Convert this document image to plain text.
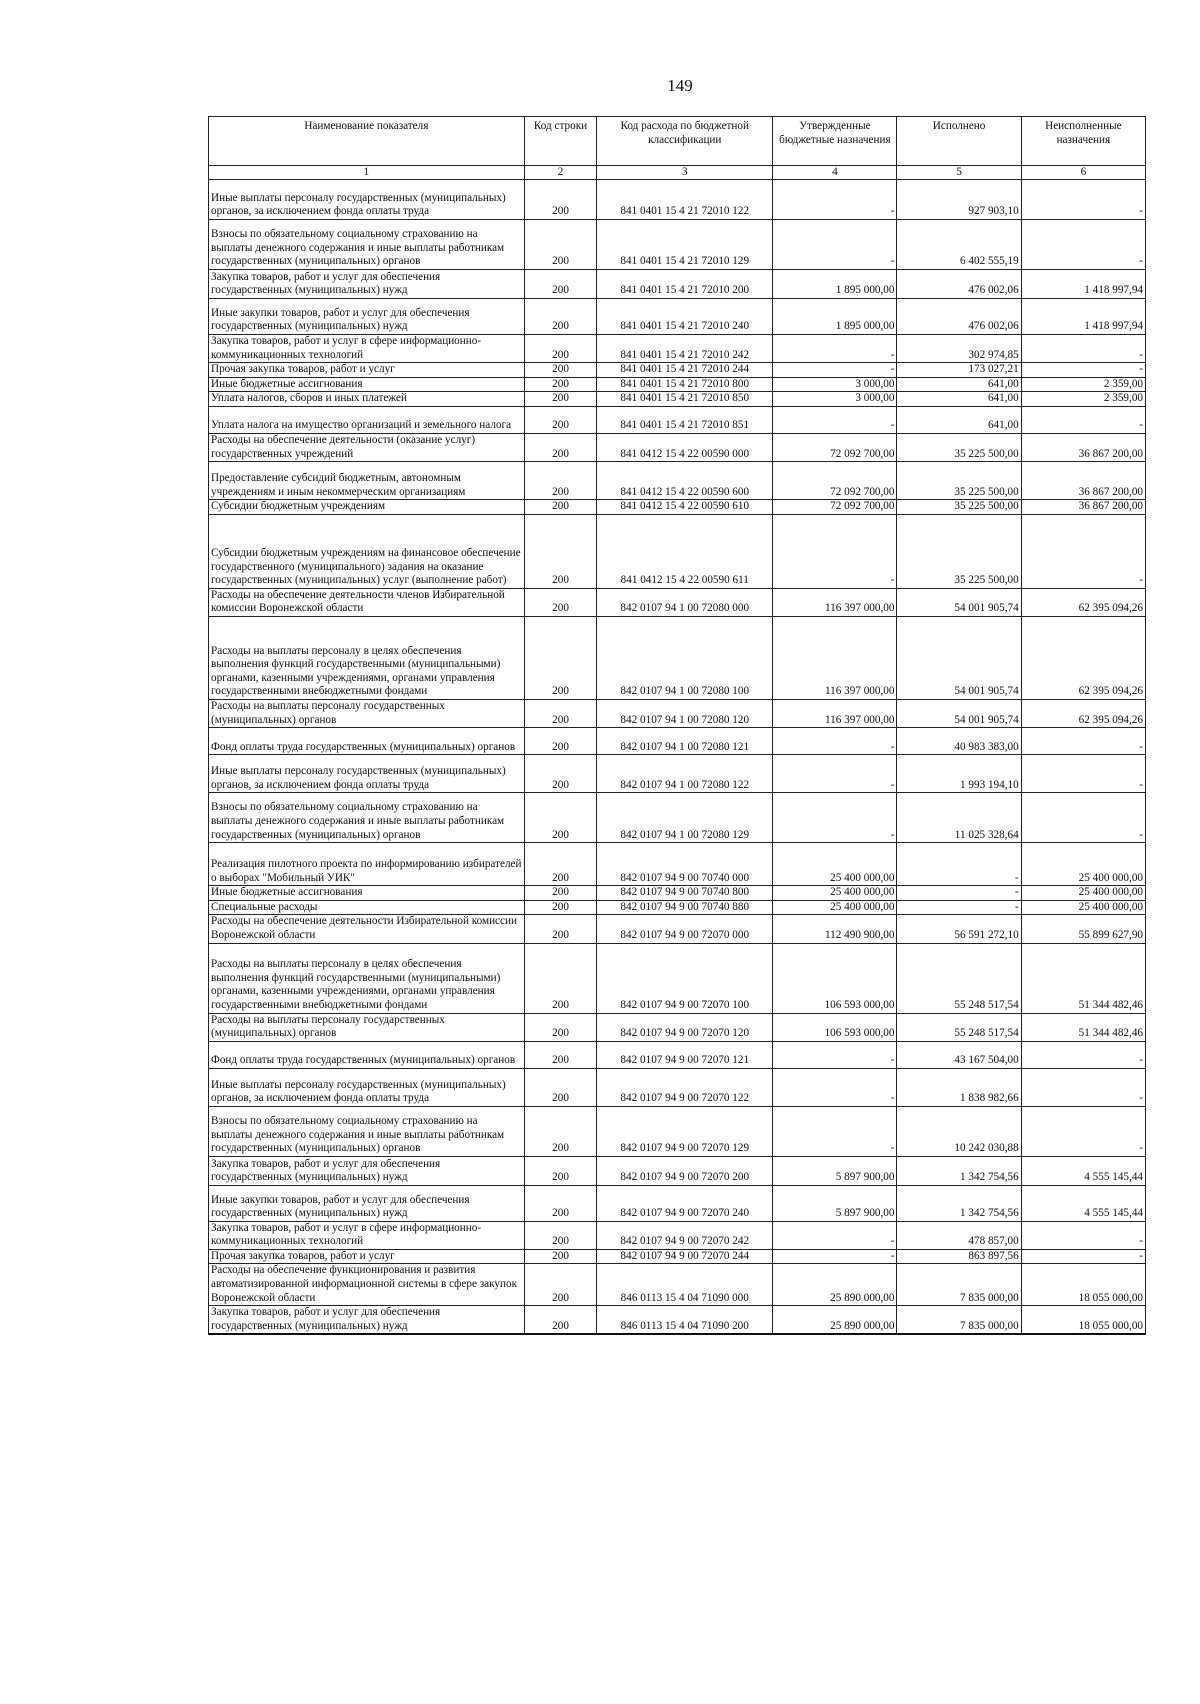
149
Наименование показателя	Код строки	Код расхода по бюджетной классификации	Утвержденные бюджетные назначения	Исполнено	Неисполненные назначения
1	2	3	4	5	6
Иные выплаты персоналу государственных (муниципальных) органов, за исключением фонда оплаты труда	200	841 0401 15 4 21 72010 122	-	927 903,10	-
Взносы по обязательному социальному страхованию на выплаты денежного содержания и иные выплаты работникам государственных (муниципальных) органов	200	841 0401 15 4 21 72010 129	-	6 402 555,19	-
Закупка товаров, работ и услуг для обеспечения государственных (муниципальных) нужд	200	841 0401 15 4 21 72010 200	1 895 000,00	476 002,06	1 418 997,94
Иные закупки товаров, работ и услуг для обеспечения государственных (муниципальных) нужд	200	841 0401 15 4 21 72010 240	1 895 000,00	476 002,06	1 418 997,94
Закупка товаров, работ и услуг в сфере информационно-коммуникационных технологий	200	841 0401 15 4 21 72010 242	-	302 974,85	-
Прочая закупка товаров, работ и услуг	200	841 0401 15 4 21 72010 244	-	173 027,21	-
Иные бюджетные ассигнования	200	841 0401 15 4 21 72010 800	3 000,00	641,00	2 359,00
Уплата налогов, сборов и иных платежей	200	841 0401 15 4 21 72010 850	3 000,00	641,00	2 359,00
Уплата налога на имущество организаций и земельного налога	200	841 0401 15 4 21 72010 851	-	641,00	-
Расходы на обеспечение деятельности (оказание услуг) государственных учреждений	200	841 0412 15 4 22 00590 000	72 092 700,00	35 225 500,00	36 867 200,00
Предоставление субсидий бюджетным, автономным учреждениям и иным некоммерческим организациям	200	841 0412 15 4 22 00590 600	72 092 700,00	35 225 500,00	36 867 200,00
Субсидии бюджетным учреждениям	200	841 0412 15 4 22 00590 610	72 092 700,00	35 225 500,00	36 867 200,00
Субсидии бюджетным учреждениям на финансовое обеспечение государственного (муниципального) задания на оказание государственных (муниципальных) услуг (выполнение работ)	200	841 0412 15 4 22 00590 611	-	35 225 500,00	-
Расходы на обеспечение деятельности членов Избирательной комиссии Воронежской области	200	842 0107 94 1 00 72080 000	116 397 000,00	54 001 905,74	62 395 094,26
Расходы на выплаты персоналу в целях обеспечения выполнения функций государственными (муниципальными) органами, казенными учреждениями, органами управления государственными внебюджетными фондами	200	842 0107 94 1 00 72080 100	116 397 000,00	54 001 905,74	62 395 094,26
Расходы на выплаты персоналу государственных (муниципальных) органов	200	842 0107 94 1 00 72080 120	116 397 000,00	54 001 905,74	62 395 094,26
Фонд оплаты труда государственных (муниципальных) органов	200	842 0107 94 1 00 72080 121	-	40 983 383,00	-
Иные выплаты персоналу государственных (муниципальных) органов, за исключением фонда оплаты труда	200	842 0107 94 1 00 72080 122	-	1 993 194,10	-
Взносы по обязательному социальному страхованию на выплаты денежного содержания и иные выплаты работникам государственных (муниципальных) органов	200	842 0107 94 1 00 72080 129	-	11 025 328,64	-
Реализация пилотного проекта по информированию избирателей о выборах "Мобильный УИК"	200	842 0107 94 9 00 70740 000	25 400 000,00	-	25 400 000,00
Иные бюджетные ассигнования	200	842 0107 94 9 00 70740 800	25 400 000,00	-	25 400 000,00
Специальные расходы	200	842 0107 94 9 00 70740 880	25 400 000,00	-	25 400 000,00
Расходы на обеспечение деятельности Избирательной комиссии Воронежской области	200	842 0107 94 9 00 72070 000	112 490 900,00	56 591 272,10	55 899 627,90
Расходы на выплаты персоналу в целях обеспечения выполнения функций государственными (муниципальными) органами, казенными учреждениями, органами управления государственными внебюджетными фондами	200	842 0107 94 9 00 72070 100	106 593 000,00	55 248 517,54	51 344 482,46
Расходы на выплаты персоналу государственных (муниципальных) органов	200	842 0107 94 9 00 72070 120	106 593 000,00	55 248 517,54	51 344 482,46
Фонд оплаты труда государственных (муниципальных) органов	200	842 0107 94 9 00 72070 121	-	43 167 504,00	-
Иные выплаты персоналу государственных (муниципальных) органов, за исключением фонда оплаты труда	200	842 0107 94 9 00 72070 122	-	1 838 982,66	-
Взносы по обязательному социальному страхованию на выплаты денежного содержания и иные выплаты работникам государственных (муниципальных) органов	200	842 0107 94 9 00 72070 129	-	10 242 030,88	-
Закупка товаров, работ и услуг для обеспечения государственных (муниципальных) нужд	200	842 0107 94 9 00 72070 200	5 897 900,00	1 342 754,56	4 555 145,44
Иные закупки товаров, работ и услуг для обеспечения государственных (муниципальных) нужд	200	842 0107 94 9 00 72070 240	5 897 900,00	1 342 754,56	4 555 145,44
Закупка товаров, работ и услуг в сфере информационно-коммуникационных технологий	200	842 0107 94 9 00 72070 242	-	478 857,00	-
Прочая закупка товаров, работ и услуг	200	842 0107 94 9 00 72070 244	-	863 897,56	-
Расходы на обеспечение функционирования и развития автоматизированной информационной системы в сфере закупок Воронежской области	200	846 0113 15 4 04 71090 000	25 890 000,00	7 835 000,00	18 055 000,00
Закупка товаров, работ и услуг для обеспечения государственных (муниципальных) нужд	200	846 0113 15 4 04 71090 200	25 890 000,00	7 835 000,00	18 055 000,00
